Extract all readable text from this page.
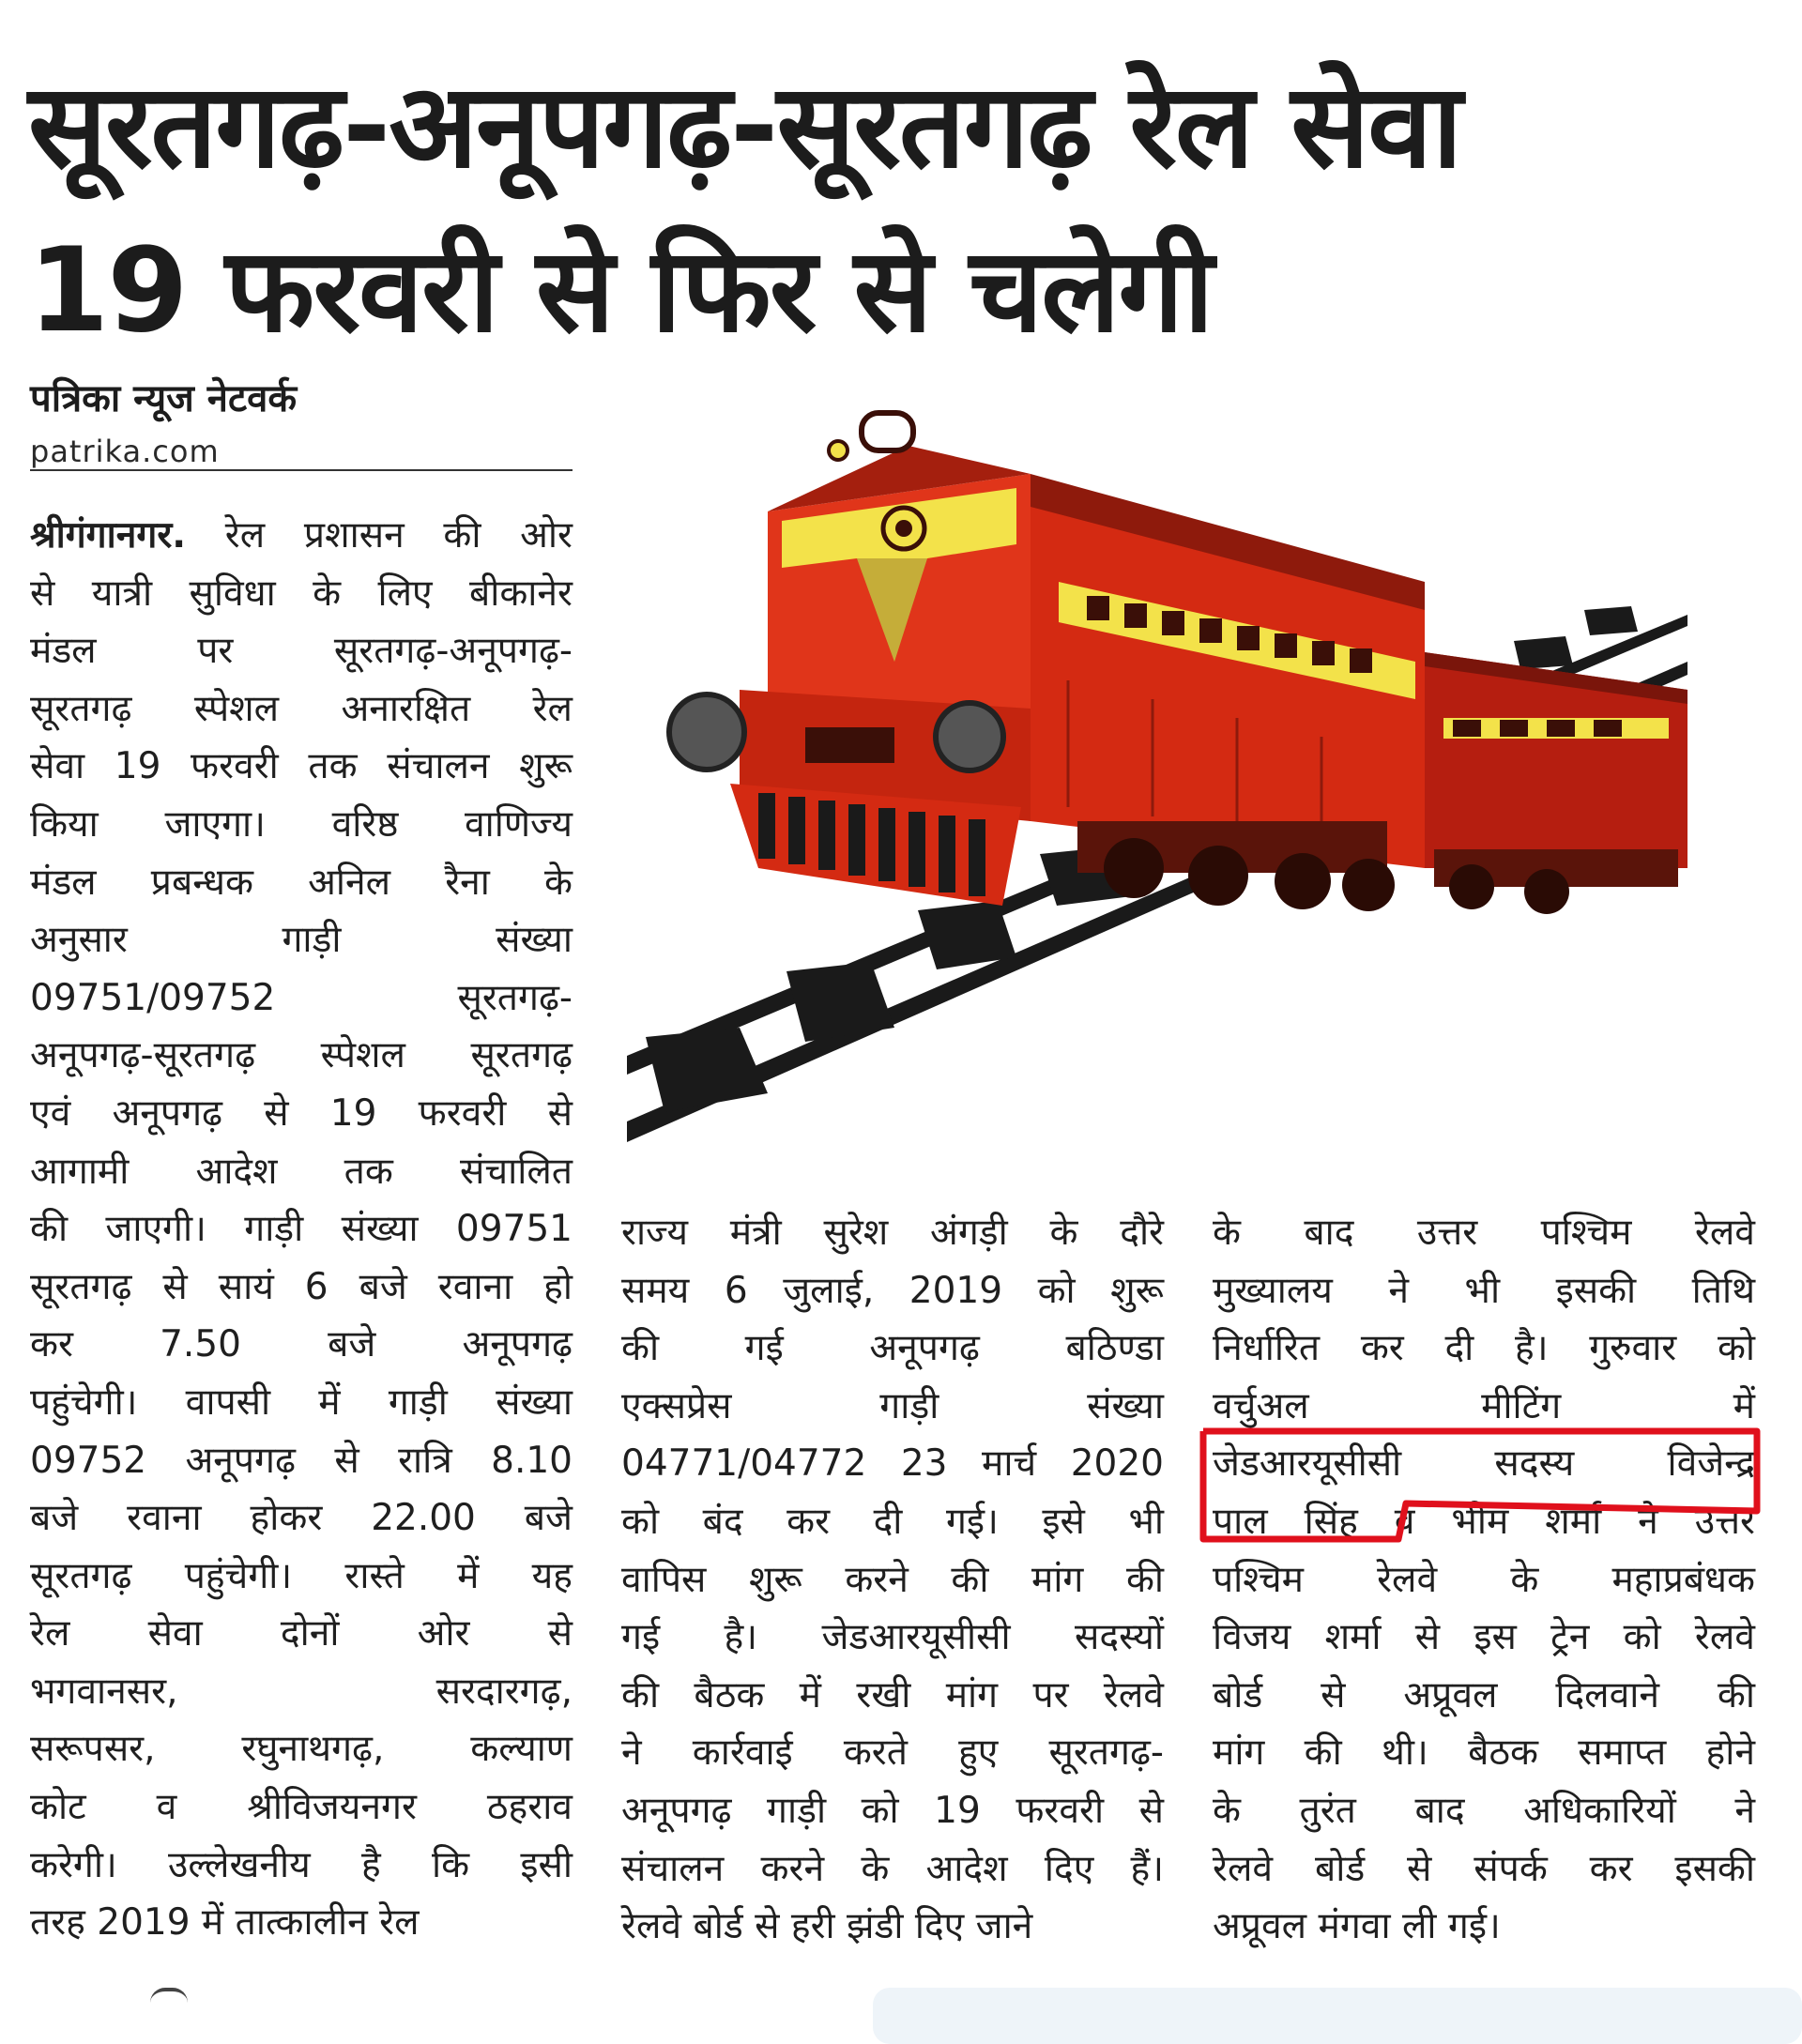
सूरतगढ़-अनूपगढ़-सूरतगढ़ रेल सेवा
19 फरवरी से फिर से चलेगी
पत्रिका न्यूज नेटवर्क
patrika.com
श्रीगंगानगर. रेल प्रशासन की ओर
से यात्री सुविधा के लिए बीकानेर
मंडल पर सूरतगढ़-अनूपगढ़-
सूरतगढ़ स्पेशल अनारक्षित रेल
सेवा 19 फरवरी तक संचालन शुरू
किया जाएगा। वरिष्ठ वाणिज्य
मंडल प्रबन्धक अनिल रैना के
अनुसार गाड़ी संख्या
09751/09752 सूरतगढ़-
अनूपगढ़-सूरतगढ़ स्पेशल सूरतगढ़
एवं अनूपगढ़ से 19 फरवरी से
आगामी आदेश तक संचालित
की जाएगी। गाड़ी संख्या 09751
सूरतगढ़ से सायं 6 बजे रवाना हो
कर 7.50 बजे अनूपगढ़
पहुंचेगी। वापसी में गाड़ी संख्या
09752 अनूपगढ़ से रात्रि 8.10
बजे रवाना होकर 22.00 बजे
सूरतगढ़ पहुंचेगी। रास्ते में यह
रेल सेवा दोनों ओर से
भगवानसर, सरदारगढ़,
सरूपसर, रघुनाथगढ़, कल्याण
कोट व श्रीविजयनगर ठहराव
करेगी। उल्लेखनीय है कि इसी
तरह 2019 में तात्कालीन रेल
राज्य मंत्री सुरेश अंगड़ी के दौरे
समय 6 जुलाई, 2019 को शुरू
की गई अनूपगढ़ बठिण्डा
एक्सप्रेस गाड़ी संख्या
04771/04772 23 मार्च 2020
को बंद कर दी गई। इसे भी
वापिस शुरू करने की मांग की
गई है। जेडआरयूसीसी सदस्यों
की बैठक में रखी मांग पर रेलवे
ने कार्रवाई करते हुए सूरतगढ़-
अनूपगढ़ गाड़ी को 19 फरवरी से
संचालन करने के आदेश दिए हैं।
रेलवे बोर्ड से हरी झंडी दिए जाने
के बाद उत्तर पश्चिम रेलवे
मुख्यालय ने भी इसकी तिथि
निर्धारित कर दी है। गुरुवार को
वर्चुअल मीटिंग में
जेडआरयूसीसी सदस्य विजेन्द्र
पाल सिंह व भीम शर्मा ने उत्तर
पश्चिम रेलवे के महाप्रबंधक
विजय शर्मा से इस ट्रेन को रेलवे
बोर्ड से अप्रूवल दिलवाने की
मांग की थी। बैठक समाप्त होने
के तुरंत बाद अधिकारियों ने
रेलवे बोर्ड से संपर्क कर इसकी
अप्रूवल मंगवा ली गई।
